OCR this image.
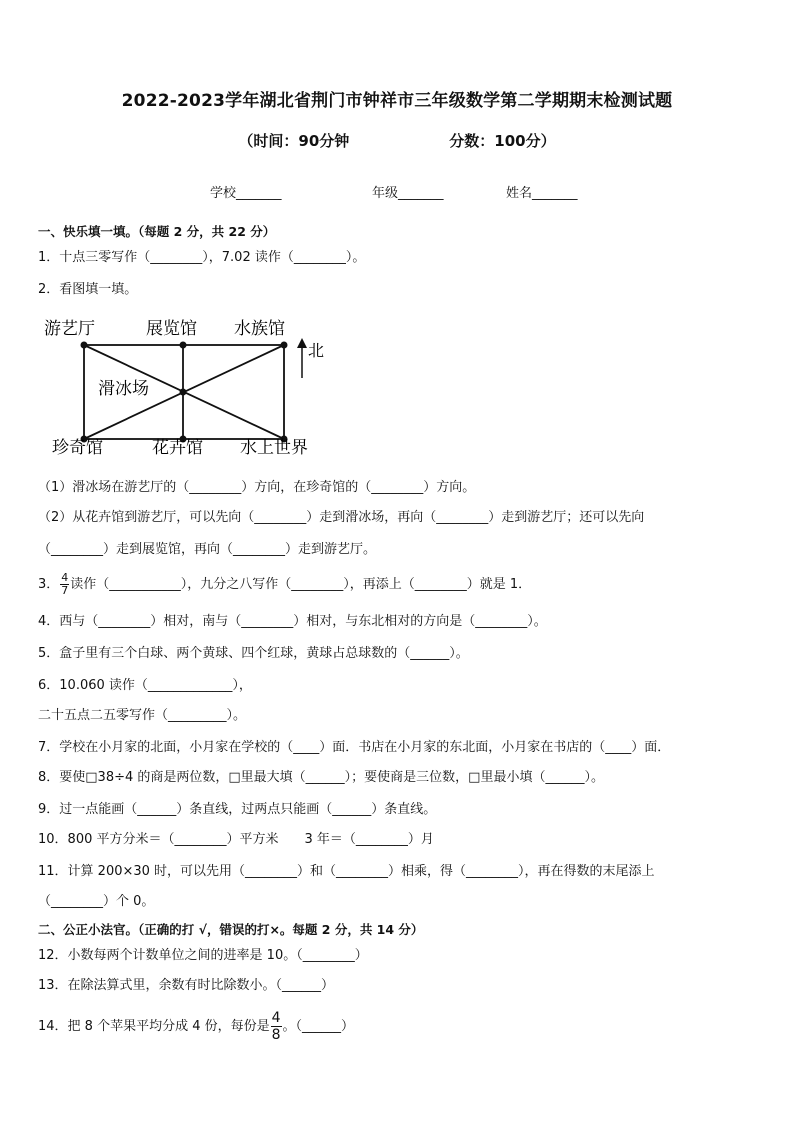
2022-2023学年湖北省荆门市钟祥市三年级数学第二学期期末检测试题
（时间：90分钟	分数：100分）
学校_______	年级_______	姓名_______
一、快乐填一填。（每题 2 分，共 22 分）
1．十点三零写作（________），7.02 读作（________）。
2．看图填一填。
游艺厅	展览馆 水族馆
滑冰场
珍奇馆	花卉馆 水上世界
北
（1）滑冰场在游艺厅的（________）方向，在珍奇馆的（________）方向。
（2）从花卉馆到游艺厅，可以先向（________）走到滑冰场，再向（________）走到游艺厅；还可以先向
（________）走到展览馆，再向（________）走到游艺厅。
3． $\frac{4}{7}$ 读作（___________），九分之八写作（________），再添上（________）就是 1．
4．西与（________）相对，南与（________）相对，与东北相对的方向是（________）。
5．盒子里有三个白球、两个黄球、四个红球，黄球占总球数的（______）。
6．10.060 读作（_____________），
二十五点二五零写作（_________）。
7．学校在小月家的北面，小月家在学校的（____）面．书店在小月家的东北面，小月家在书店的（____）面．
8．要使□38÷4 的商是两位数，□里最大填（______）；要使商是三位数，□里最小填（______）。
9．过一点能画（______）条直线，过两点只能画（______）条直线。
10．800 平方分米＝（________）平方米　　3 年＝（________）月
11．计算 200×30 时，可以先用（________）和（________）相乘，得（________），再在得数的末尾添上
（________）个 0。
二、公正小法官。（正确的打 √，错误的打×。每题 2 分，共 14 分）
12．小数每两个计数单位之间的进率是 10。（________）
13．在除法算式里，余数有时比除数小。（______）
14．把 8 个苹果平均分成 4 份，每份是 $\frac{4}{8}$ 。（______）
